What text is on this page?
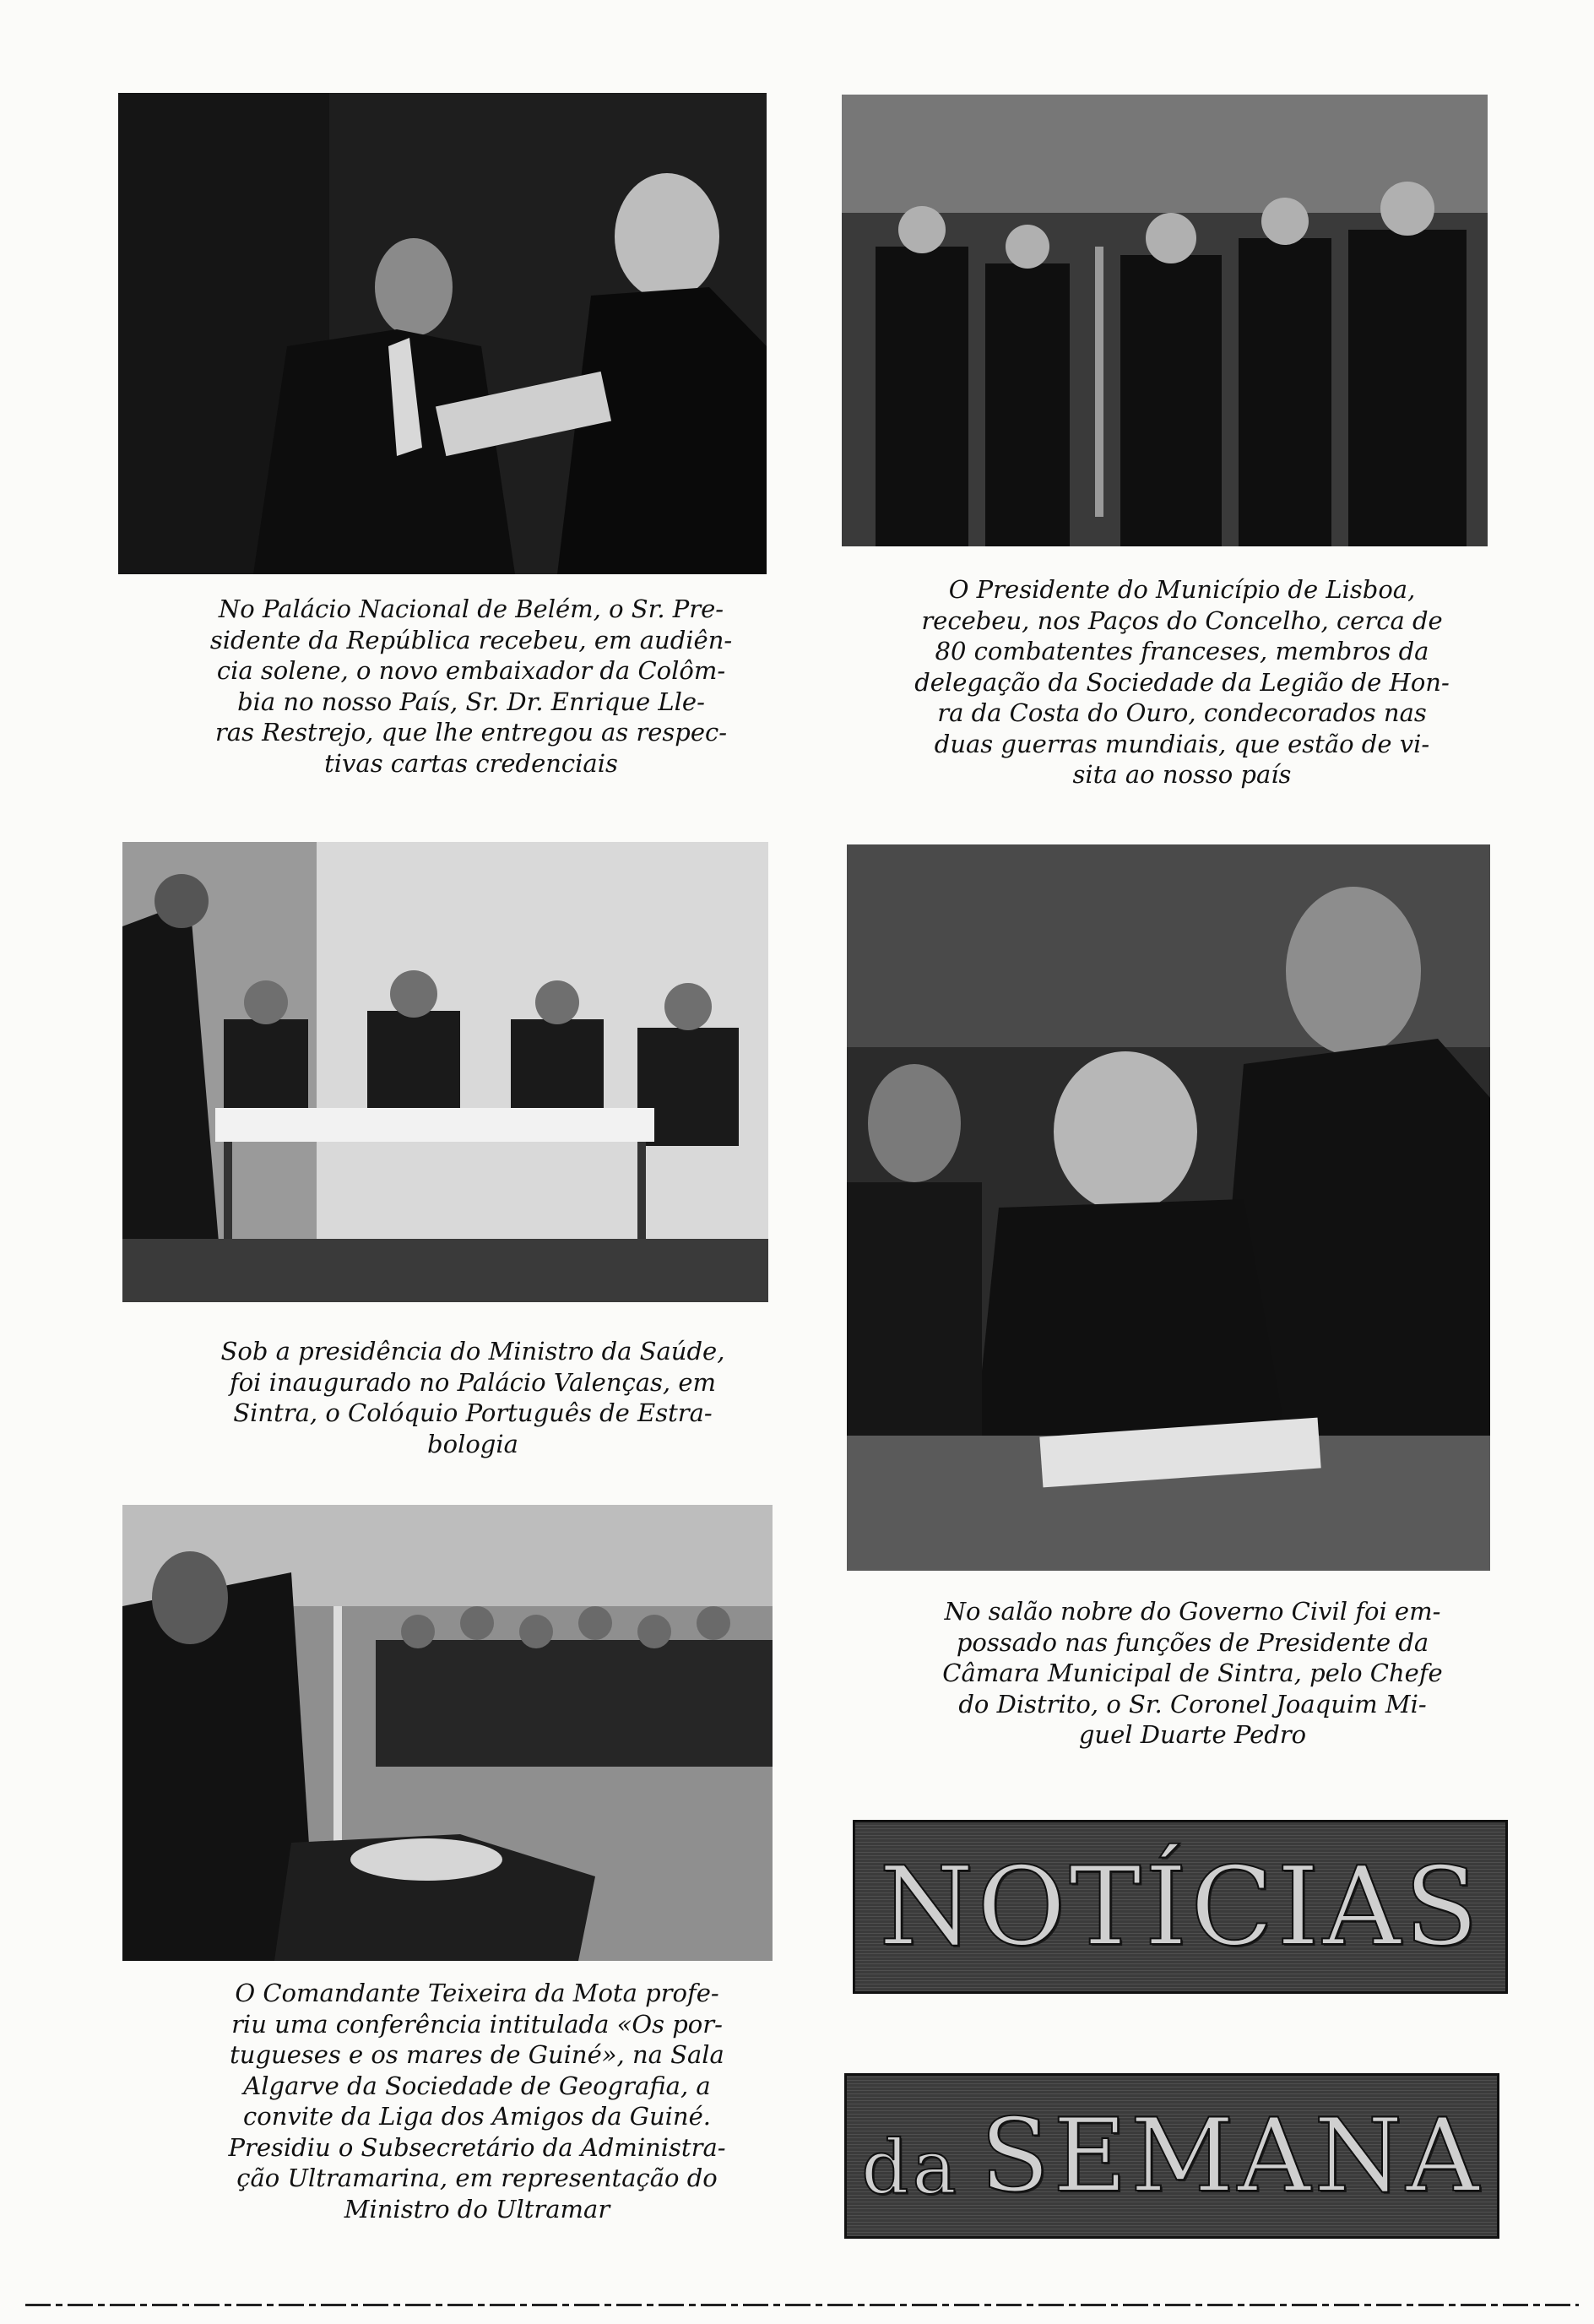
No Palácio Nacional de Belém, o Sr. Pre-
sidente da República recebeu, em audiên-
cia solene, o novo embaixador da Colôm-
bia no nosso País, Sr. Dr. Enrique Lle-
ras Restrejo, que lhe entregou as respec-
tivas cartas credenciais
O Presidente do Município de Lisboa,
recebeu, nos Paços do Concelho, cerca de
80 combatentes franceses, membros da
delegação da Sociedade da Legião de Hon-
ra da Costa do Ouro, condecorados nas
duas guerras mundiais, que estão de vi-
sita ao nosso país
Sob a presidência do Ministro da Saúde,
foi inaugurado no Palácio Valenças, em
Sintra, o Colóquio Português de Estra-
bologia
No salão nobre do Governo Civil foi em-
possado nas funções de Presidente da
Câmara Municipal de Sintra, pelo Chefe
do Distrito, o Sr. Coronel Joaquim Mi-
guel Duarte Pedro
O Comandante Teixeira da Mota profe-
riu uma conferência intitulada «Os por-
tugueses e os mares de Guiné», na Sala
Algarve da Sociedade de Geografia, a
convite da Liga dos Amigos da Guiné.
Presidiu o Subsecretário da Administra-
ção Ultramarina, em representação do
Ministro do Ultramar
NOTÍCIAS
da SEMANA
